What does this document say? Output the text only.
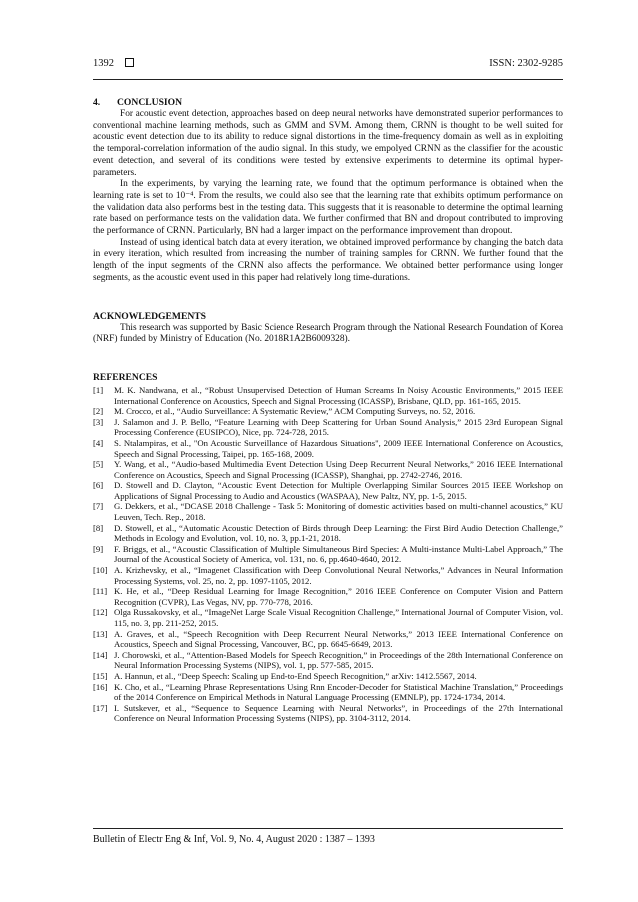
1392	ISSN: 2302-9285
4. CONCLUSION

For acoustic event detection, approaches based on deep neural networks have demonstrated superior performances to conventional machine learning methods, such as GMM and SVM. Among them, CRNN is thought to be well suited for acoustic event detection due to its ability to reduce signal distortions in the time-frequency domain as well as in exploiting the temporal-correlation information of the audio signal. In this study, we empolyed CRNN as the classifier for the acoustic event detection, and several of its conditions were tested by extensive experiments to determine its optimal hyper-parameters.

In the experiments, by varying the learning rate, we found that the optimum performance is obtained when the learning rate is set to 10⁻⁴. From the results, we could also see that the learning rate that exhibits optimum performance on the validation data also performs best in the testing data. This suggests that it is reasonable to determine the optimal learning rate based on performance tests on the validation data. We further confirmed that BN and dropout contributed to improving the performance of CRNN. Particularly, BN had a larger impact on the performance improvement than dropout.

Instead of using identical batch data at every iteration, we obtained improved performance by changing the batch data in every iteration, which resulted from increasing the number of training samples for CRNN. We further found that the length of the input segments of the CRNN also affects the performance. We obtained better performance using longer segments, as the acoustic event used in this paper had relatively long time-durations.

ACKNOWLEDGEMENTS

This research was supported by Basic Science Research Program through the National Research Foundation of Korea (NRF) funded by Ministry of Education (No. 2018R1A2B6009328).

REFERENCES
[1]	M. K. Nandwana, et al., “Robust Unsupervised Detection of Human Screams In Noisy Acoustic Environments,” 2015 IEEE International Conference on Acoustics, Speech and Signal Processing (ICASSP), Brisbane, QLD, pp. 161-165, 2015.
[2]	M. Crocco, et al., “Audio Surveillance: A Systematic Review,” ACM Computing Surveys, no. 52, 2016.
[3]	J. Salamon and J. P. Bello, “Feature Learning with Deep Scattering for Urban Sound Analysis,” 2015 23rd European Signal Processing Conference (EUSIPCO), Nice, pp. 724-728, 2015.
[4]	S. Ntalampiras, et al., "On Acoustic Surveillance of Hazardous Situations", 2009 IEEE International Conference on Acoustics, Speech and Signal Processing, Taipei, pp. 165-168, 2009.
[5]	Y. Wang, et al., “Audio-based Multimedia Event Detection Using Deep Recurrent Neural Networks,” 2016 IEEE International Conference on Acoustics, Speech and Signal Processing (ICASSP), Shanghai, pp. 2742-2746, 2016.
[6]	D. Stowell and D. Clayton, “Acoustic Event Detection for Multiple Overlapping Similar Sources 2015 IEEE Workshop on Applications of Signal Processing to Audio and Acoustics (WASPAA), New Paltz, NY, pp. 1-5, 2015.
[7]	G. Dekkers, et al., “DCASE 2018 Challenge - Task 5: Monitoring of domestic activities based on multi-channel acoustics,” KU Leuven, Tech. Rep., 2018.
[8]	D. Stowell, et al., “Automatic Acoustic Detection of Birds through Deep Learning: the First Bird Audio Detection Challenge,” Methods in Ecology and Evolution, vol. 10, no. 3, pp.1-21, 2018.
[9]	F. Briggs, et al., “Acoustic Classification of Multiple Simultaneous Bird Species: A Multi-instance Multi-Label Approach,” The Journal of the Acoustical Society of America, vol. 131, no. 6, pp.4640-4640, 2012.
[10] A. Krizhevsky, et al., “Imagenet Classification with Deep Convolutional Neural Networks,” Advances in Neural Information Processing Systems, vol. 25, no. 2, pp. 1097-1105, 2012.
[11] K. He, et al., “Deep Residual Learning for Image Recognition,” 2016 IEEE Conference on Computer Vision and Pattern Recognition (CVPR), Las Vegas, NV, pp. 770-778, 2016.
[12] Olga Russakovsky, et al., “ImageNet Large Scale Visual Recognition Challenge,” International Journal of Computer Vision, vol. 115, no. 3, pp. 211-252, 2015.
[13] A. Graves, et al., “Speech Recognition with Deep Recurrent Neural Networks,” 2013 IEEE International Conference on Acoustics, Speech and Signal Processing, Vancouver, BC, pp. 6645-6649, 2013.
[14] J. Chorowski, et al., “Attention-Based Models for Speech Recognition,” in Proceedings of the 28th International Conference on Neural Information Processing Systems (NIPS), vol. 1, pp. 577-585, 2015.
[15] A. Hannun, et al., “Deep Speech: Scaling up End-to-End Speech Recognition,” arXiv: 1412.5567, 2014.
[16] K. Cho, et al., “Learning Phrase Representations Using Rnn Encoder-Decoder for Statistical Machine Translation,” Proceedings of the 2014 Conference on Empirical Methods in Natural Language Processing (EMNLP), pp. 1724-1734, 2014.
[17] I. Sutskever, et al., “Sequence to Sequence Learning with Neural Networks”, in Proceedings of the 27th International Conference on Neural Information Processing Systems (NIPS), pp. 3104-3112, 2014.
Bulletin of Electr Eng & Inf, Vol. 9, No. 4, August 2020 : 1387 – 1393
